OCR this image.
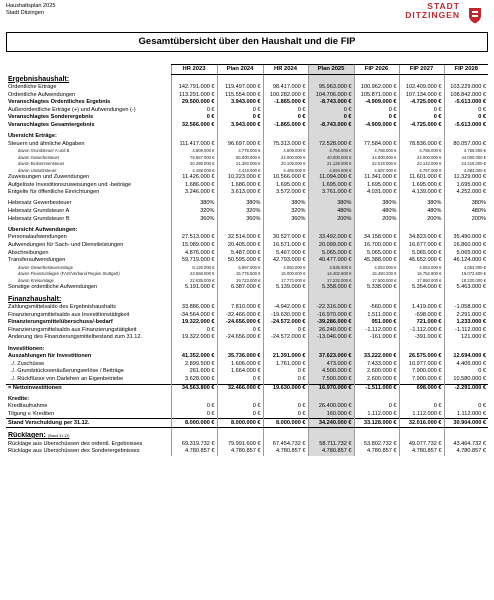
Haushaltsplan 2025
Stadt Ditzingen
STADT
DITZINGEN
Gesamtübersicht über den Haushalt und die FIP
	HR 2023	Plan 2024	HR 2024	Plan 2025	FIP 2026	FIP 2027	FIP 2028
Ergebnishaushalt:							
Ordentliche Erträge	142.791.000 €	119.497.000 €	98.417.000 €	95.963.000 €	100.962.000 €	102.409.000 €	103.229.000 €
Ordentliche Aufwendungen	113.291.000 €	115.554.000 €	100.282.000 €	104.706.000 €	105.871.000 €	107.134.000 €	108.842.000 €
Veranschlagtes Ordentliches Ergebnis	29.500.000 €	3.943.000 €	-1.865.000 €	-8.743.000 €	-4.909.000 €	-4.725.000 €	-5.613.000 €
Außerordentliche Erträge (+) und Aufwendungen (-)	0 €	0 €	0 €	0 €	0 €	0 €	0 €
Veranschlagtes Sonderergebnis	0 €	0 €	0 €	0 €	0 €	0 €	0 €
Veranschlagtes Gesamtergebnis	32.566.000 €	3.943.000 €	-1.865.000 €	-8.743.000 €	-4.909.000 €	-4.725.000 €	-5.613.000 €

Übersicht Erträge:							
Steuern und ähnliche Abgaben	111.417.000 €	96.697.000 €	75.313.000 €	72.528.000 €	77.584.000 €	78.836.000 €	80.057.000 €
davon Grundsteuer A und B	4.809.000 €	4.776.000 €	4.809.000 €	4.756.000 €	4.756.000 €	4.756.000 €	4.756.000 €
davon Gewerbesteuer	79.657.000 €	65.000.000 €	44.000.000 €	40.000.000 €	44.000.000 €	44.000.000 €	44.000.000 €
davon Einkommensteuer	20.289.000 €	21.383.000 €	20.109.000 €	21.128.000 €	22.019.000 €	23.143.000 €	24.215.000 €
davon Umsatzsteuer	4.159.000 €	4.419.000 €	4.469.000 €	4.594.000 €	4.697.000 €	4.787.000 €	4.883.000 €
Zuweisungen und Zuwendungen	11.426.000 €	10.223.000 €	10.566.000 €	11.094.000 €	11.341.000 €	11.601.000 €	11.329.000 €
Aufgelöste Investitionszuweisungen und -beiträge	1.686.000 €	1.686.000 €	1.695.000 €	1.695.000 €	1.695.000 €	1.695.000 €	1.695.000 €
Entgelte für öffentliche Einrichtungen	3.246.000 €	3.613.000 €	3.572.000 €	3.761.000 €	4.031.000 €	4.139.000 €	4.252.000 €

Hebesatz Gewerbesteuer	380%	380%	380%	380%	380%	380%	380%
Hebesatz Grundsteuer A	320%	320%	320%	480%	480%	480%	480%
Hebesatz Grundsteuer B	360%	360%	360%	200%	200%	200%	200%

Übersicht Aufwendungen:							
Personalaufwendungen	27.513.000 €	32.514.000 €	30.527.000 €	33.492.000 €	34.158.000 €	34.823.000 €	35.490.000 €
Aufwendungen für Sach- und Dienstleistungen	15.089.000 €	20.405.000 €	16.571.000 €	20.099.000 €	16.700.000 €	16.677.000 €	16.860.000 €
Abschreibungen	4.876.000 €	5.487.000 €	5.467.000 €	5.065.000 €	5.065.000 €	5.065.000 €	5.065.000 €
Transferaufwendungen	59.719.000 €	50.595.000 €	42.793.000 €	40.477.000 €	45.388.000 €	45.652.000 €	46.124.000 €
davon Gewerbesteuerumlage	8.126.000 €	5.987.000 €	4.050.000 €	3.635.000 €	4.053.000 €	4.053.000 €	4.053.000 €
davon Finanzumlagen (FAG/Verband Region Stuttgart)	23.568.000 €	15.775.500 €	15.000.000 €	14.402.600 €	15.450.200 €	15.752.900 €	16.072.600 €
davon Kreisumlage	22.639.000 €	19.723.000 €	17.773.000 €	17.232.000 €	17.500.000 €	17.860.000 €	18.220.000 €
Sonstige ordentliche Aufwendungen	5.191.000 €	6.387.000 €	5.139.000 €	5.358.000 €	5.338.000 €	5.354.000 €	5.463.000 €

Finanzhaushalt:							
Zahlungsmittelsaldo des Ergebnishaushalts	33.886.000 €	7.810.000 €	-4.942.000 €	-22.316.000 €	-560.000 €	1.419.000 €	-1.058.000 €
Finanzierungsmittelsaldo aus Investitionstätigkeit	-34.564.000 €	-32.466.000 €	-19.630.000 €	-16.970.000 €	1.511.000 €	-698.000 €	2.291.000 €
Finanzierungsmittelüberschuss/-bedarf	19.322.000 €	-24.656.000 €	-24.572.000 €	-39.286.000 €	951.000 €	721.000 €	1.233.000 €
Finanzierungsmittelsaldo aus Finanzierungstätigkeit	0 €	0 €	0 €	26.240.000 €	-1.112.000 €	-1.112.000 €	-1.112.000 €
Änderung des Finanzierungsmittelbestand zum 31.12.	19.322.000 €	-24.656.000 €	-24.572.000 €	-13.046.000 €	-161.000 €	-391.000 €	121.000 €

Investitionen:							
Auszahlungen für Investitionen	41.352.000 €	35.736.000 €	21.391.000 €	37.623.000 €	33.222.000 €	26.575.000 €	12.694.000 €
./. Zuschüsse	2.899.500 €	1.606.000 €	1.761.000 €	473.000 €	7.433.000 €	10.977.000 €	4.405.000 €
./. Grundstücksveräußerungserlöse / Beiträge	261.600 €	1.664.000 €	0 €	4.500.000 €	2.600.000 €	7.900.000 €	0 €
./. Rückflüsse von Darlehen an Eigenbetriebe	3.628.000 €	0 €	0 €	7.500.000 €	2.600.000 €	7.900.000 €	10.580.000 €
= Nettoinvestitionen	34.563.800 €	32.466.000 €	19.630.000 €	16.970.000 €	-1.511.000 €	698.000 €	-2.291.000 €

Kredite:							
Kreditaufnahme	0 €	0 €	0 €	26.400.000 €	0 €	0 €	0 €
Tilgung v. Krediten	0 €	0 €	0 €	160.000 €	1.112.000 €	1.112.000 €	1.112.000 €
Stand Verschuldung per 31.12.	8.000.000 €	8.000.000 €	8.000.000 €	34.240.000 €	33.128.000 €	32.016.000 €	30.904.000 €

Rücklagen: (Stand 31.12)							
Rücklage aus Überschüssen des ordentl. Ergebnisses	69.319.732 €	79.991.600 €	67.454.732 €	58.711.732 €	53.802.732 €	49.077.732 €	43.464.732 €
Rücklage aus Überschüssen des Sonderergebnisses	4.780.857 €	4.780.857 €	4.780.857 €	4.780.857 €	4.780.857 €	4.780.857 €	4.780.857 €
